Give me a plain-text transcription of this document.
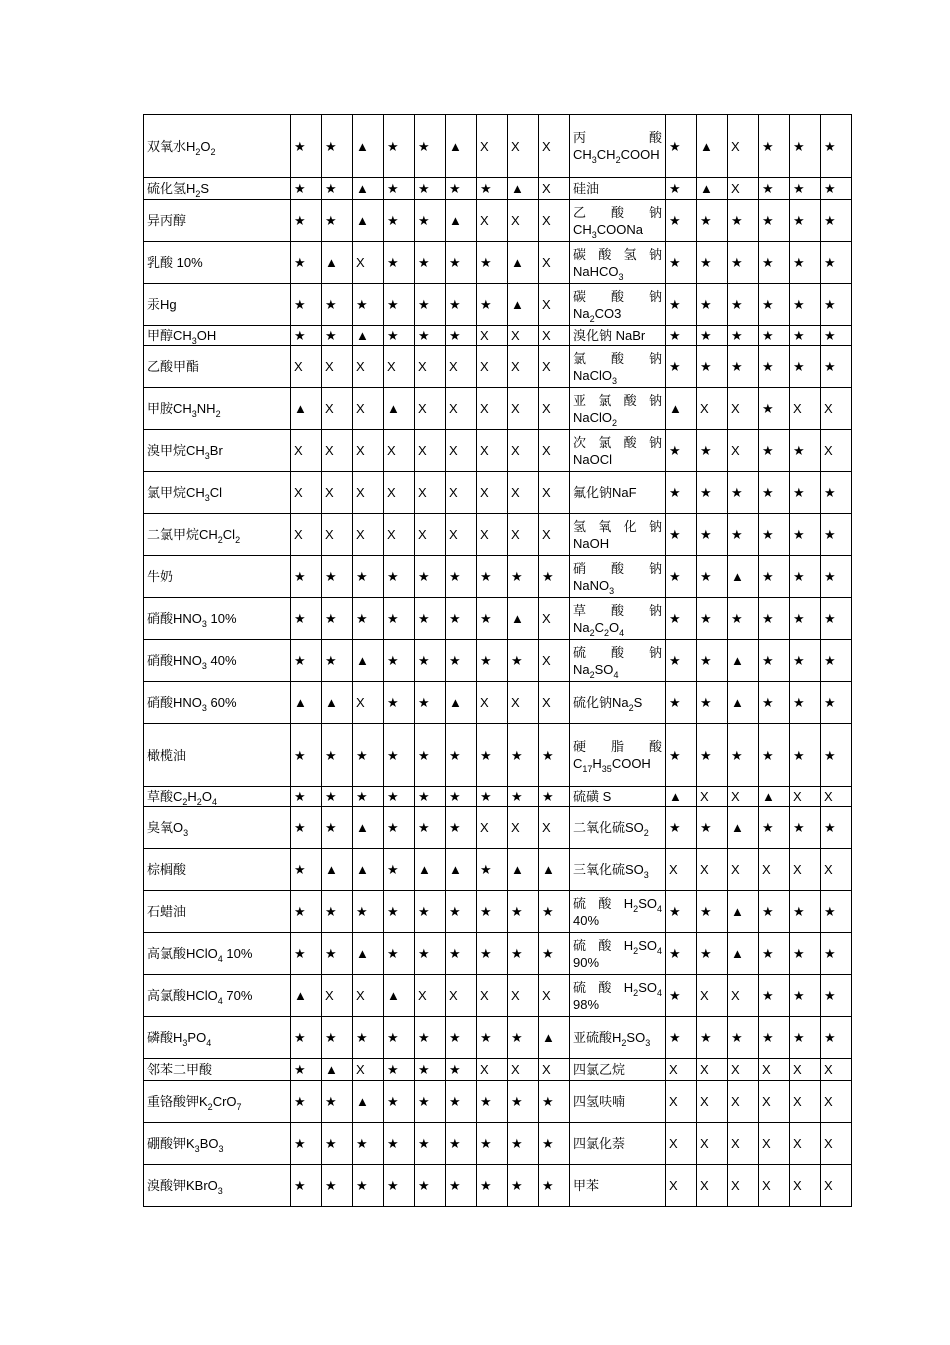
双氧水$H_2O_2$	★	★	▲	★	★	▲	X	X	X	丙 酸 $CH_3CH_2COOH$	★	▲	X	★	★	★
硫化氢$H_2S$	★	★	▲	★	★	★	★	▲	X	硅油	★	▲	X	★	★	★
异丙醇	★	★	▲	★	★	▲	X	X	X	乙 酸 钠 $CH_3COONa$	★	★	★	★	★	★
乳酸 10%	★	▲	X	★	★	★	★	▲	X	碳 酸 氢 钠 NaHCO$_3$	★	★	★	★	★	★
汞Hg	★	★	★	★	★	★	★	▲	X	碳 酸 钠 $Na_2CO3$	★	★	★	★	★	★
甲醇$CH_3OH$	★	★	▲	★	★	★	X	X	X	溴化钠 NaBr	★	★	★	★	★	★
乙酸甲酯	X	X	X	X	X	X	X	X	X	氯 酸 钠 NaClO$_3$	★	★	★	★	★	★
甲胺$CH_3NH_2$	▲	X	X	▲	X	X	X	X	X	亚 氯 酸 钠 NaClO$_2$	▲	X	X	★	X	X
溴甲烷$CH_3Br$	X	X	X	X	X	X	X	X	X	次 氯 酸 钠 NaOCl	★	★	X	★	★	X
氯甲烷$CH_3Cl$	X	X	X	X	X	X	X	X	X	氟化钠NaF	★	★	★	★	★	★
二氯甲烷$CH_2Cl_2$	X	X	X	X	X	X	X	X	X	氢 氧 化 钠 NaOH	★	★	★	★	★	★
牛奶	★	★	★	★	★	★	★	★	★	硝 酸 钠 NaNO$_3$	★	★	▲	★	★	★
硝酸$HNO_3$ 10%	★	★	★	★	★	★	★	▲	X	草 酸 钠 $Na_2C_2O_4$	★	★	★	★	★	★
硝酸$HNO_3$ 40%	★	★	▲	★	★	★	★	★	X	硫 酸 钠 $Na_2SO_4$	★	★	▲	★	★	★
硝酸$HNO_3$ 60%	▲	▲	X	★	★	▲	X	X	X	硫化钠$Na_2S$	★	★	▲	★	★	★
橄榄油	★	★	★	★	★	★	★	★	★	硬 脂 酸 $C_{17}H_{35}COOH$	★	★	★	★	★	★
草酸$C_2H_2O_4$	★	★	★	★	★	★	★	★	★	硫磺 S	▲	X	X	▲	X	X
臭氧$O_3$	★	★	▲	★	★	★	X	X	X	二氧化硫$SO_2$	★	★	▲	★	★	★
棕榈酸	★	▲	▲	★	▲	▲	★	▲	▲	三氧化硫$SO_3$	X	X	X	X	X	X
石蜡油	★	★	★	★	★	★	★	★	★	硫 酸 $H_2SO_4$ 40%	★	★	▲	★	★	★
高氯酸HClO$_4$ 10%	★	★	▲	★	★	★	★	★	★	硫 酸 $H_2SO_4$ 90%	★	★	▲	★	★	★
高氯酸HClO$_4$ 70%	▲	X	X	▲	X	X	X	X	X	硫 酸 $H_2SO_4$ 98%	★	X	X	★	★	★
磷酸$H_3PO_4$	★	★	★	★	★	★	★	★	▲	亚硫酸$H_2SO_3$	★	★	★	★	★	★
邻苯二甲酸	★	▲	X	★	★	★	X	X	X	四氯乙烷	X	X	X	X	X	X
重铬酸钾$K_2CrO_7$	★	★	▲	★	★	★	★	★	★	四氢呋喃	X	X	X	X	X	X
硼酸钾$K_3BO_3$	★	★	★	★	★	★	★	★	★	四氯化萘	X	X	X	X	X	X
溴酸钾KBrO$_3$	★	★	★	★	★	★	★	★	★	甲苯	X	X	X	X	X	X
